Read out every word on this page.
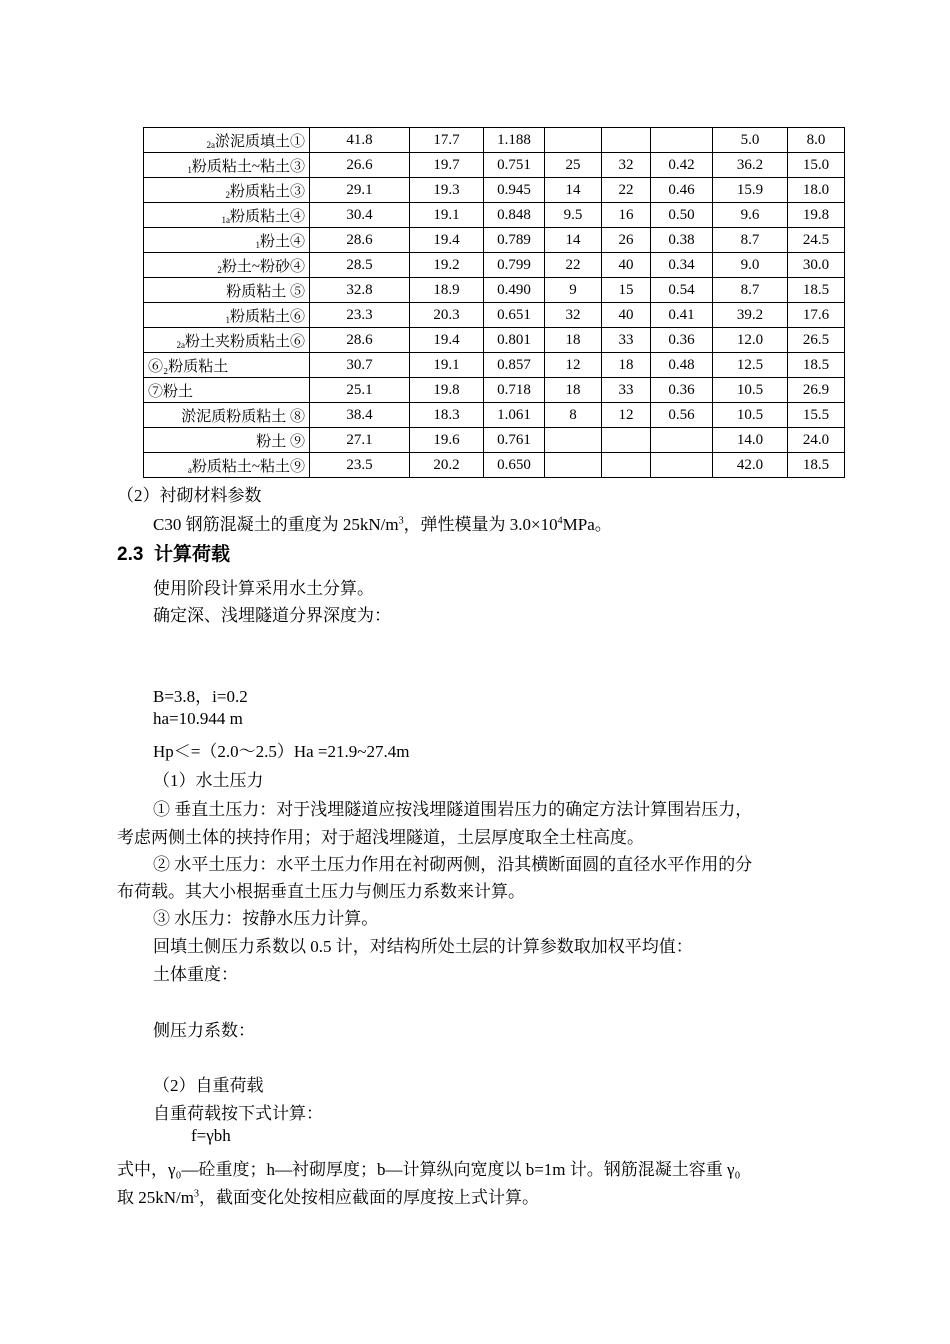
$_{2a}$淤泥质填土①	41.8	17.7	1.188				5.0	8.0
$_1$粉质粘土~粘土③	26.6	19.7	0.751	25	32	0.42	36.2	15.0
$_2$粉质粘土③	29.1	19.3	0.945	14	22	0.46	15.9	18.0
$_{1a}$粉质粘土④	30.4	19.1	0.848	9.5	16	0.50	9.6	19.8
$_1$粉土④	28.6	19.4	0.789	14	26	0.38	8.7	24.5
$_2$粉土~粉砂④	28.5	19.2	0.799	22	40	0.34	9.0	30.0
粉质粘土 ⑤	32.8	18.9	0.490	9	15	0.54	8.7	18.5
$_1$粉质粘土⑥	23.3	20.3	0.651	32	40	0.41	39.2	17.6
$_{2a}$粉土夹粉质粘土⑥	28.6	19.4	0.801	18	33	0.36	12.0	26.5
⑥₂粉质粘土	30.7	19.1	0.857	12	18	0.48	12.5	18.5
⑦粉土	25.1	19.8	0.718	18	33	0.36	10.5	26.9
淤泥质粉质粘土 ⑧	38.4	18.3	1.061	8	12	0.56	10.5	15.5
粉土 ⑨	27.1	19.6	0.761				14.0	24.0
$_a$粉质粘土~粘土⑨	23.5	20.2	0.650				42.0	18.5
（2）衬砌材料参数
C30 钢筋混凝土的重度为 $25kN/m^3$，弹性模量为 $3.0\times 10^4MPa$。
2.3 计算荷载
使用阶段计算采用水土分算。
确定深、浅埋隧道分界深度为：
B=3.8，i=0.2
ha=10.944 m
Hp＜=（2.0～2.5）Ha =21.9~27.4m
（1）水土压力
① 垂直土压力：对于浅埋隧道应按浅埋隧道围岩压力的确定方法计算围岩压力，
考虑两侧土体的挟持作用；对于超浅埋隧道，土层厚度取全土柱高度。
② 水平土压力：水平土压力作用在衬砌两侧，沿其横断面圆的直径水平作用的分
布荷载。其大小根据垂直土压力与侧压力系数来计算。
③ 水压力：按静水压力计算。
回填土侧压力系数以 0.5 计，对结构所处土层的计算参数取加权平均值：
土体重度：
侧压力系数：
（2）自重荷载
自重荷载按下式计算：
f=γbh
式中，γ₀—砼重度；h—衬砌厚度；b—计算纵向宽度以 b=1m 计。钢筋混凝土容重 γ₀
取 $25kN/m^3$，截面变化处按相应截面的厚度按上式计算。
